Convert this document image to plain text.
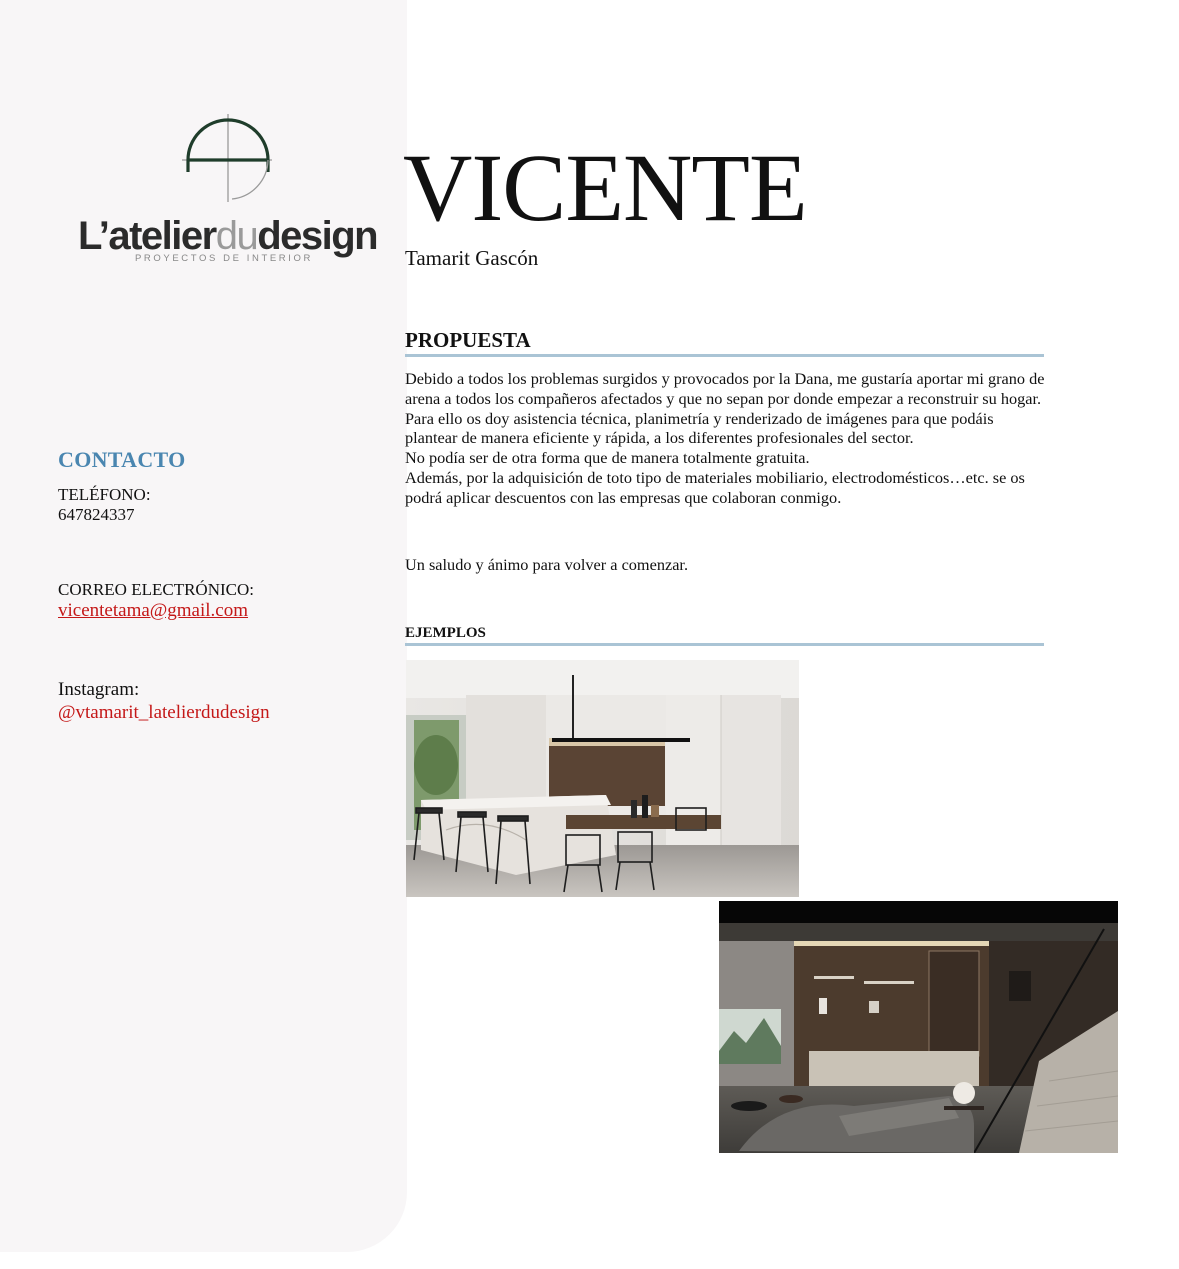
L’atelierdudesign
PROYECTOS DE INTERIOR
CONTACTO
TELÉFONO:
647824337
CORREO ELECTRÓNICO:
vicentetama@gmail.com
Instagram:
@vtamarit_latelierdudesign
VICENTE
Tamarit Gascón
PROPUESTA

Debido a todos los problemas surgidos y provocados por la Dana, me gustaría aportar mi grano de arena a todos los compañeros afectados y que no sepan por donde empezar a reconstruir su hogar.

Para ello os doy asistencia técnica, planimetría y renderizado de imágenes para que podáis plantear de manera eficiente y rápida, a los diferentes profesionales del sector.

No podía ser de otra forma que de manera totalmente gratuita.

Además, por la adquisición de toto tipo de materiales mobiliario, electrodomésticos…etc. se os podrá aplicar descuentos con las empresas que colaboran conmigo.

Un saludo y ánimo para volver a comenzar.
EJEMPLOS
